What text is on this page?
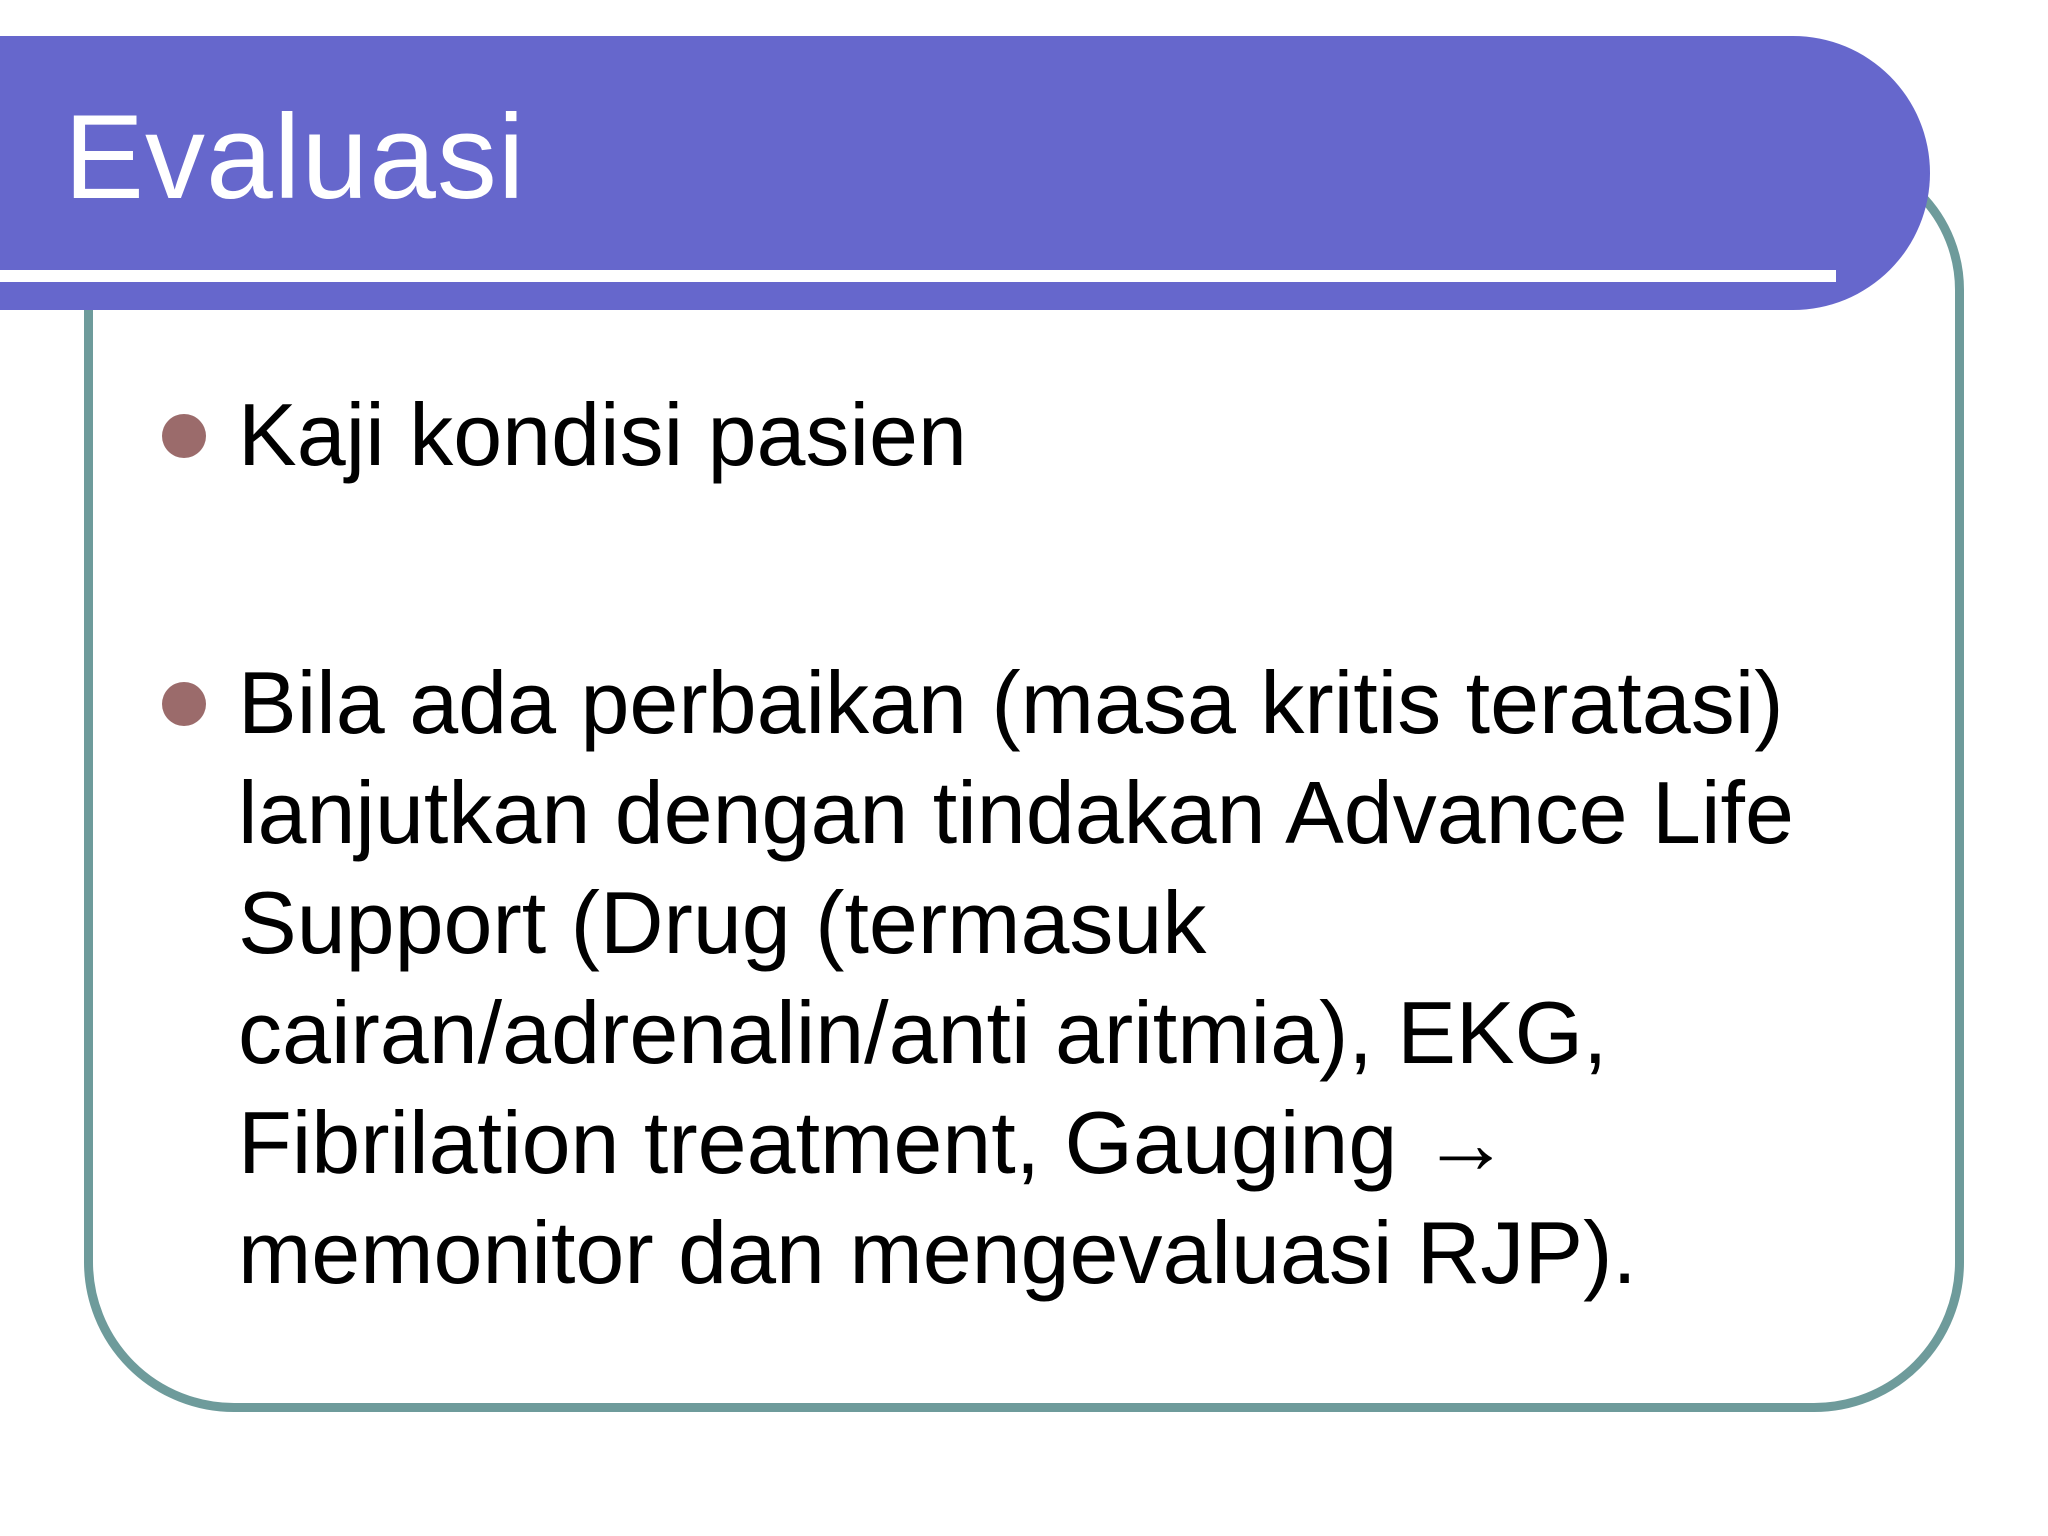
Evaluasi
Kaji kondisi pasien
Bila ada perbaikan (masa kritis teratasi) lanjutkan dengan tindakan Advance Life Support (Drug (termasuk cairan/adrenalin/anti aritmia), EKG, Fibrilation treatment, Gauging → memonitor dan mengevaluasi RJP).
